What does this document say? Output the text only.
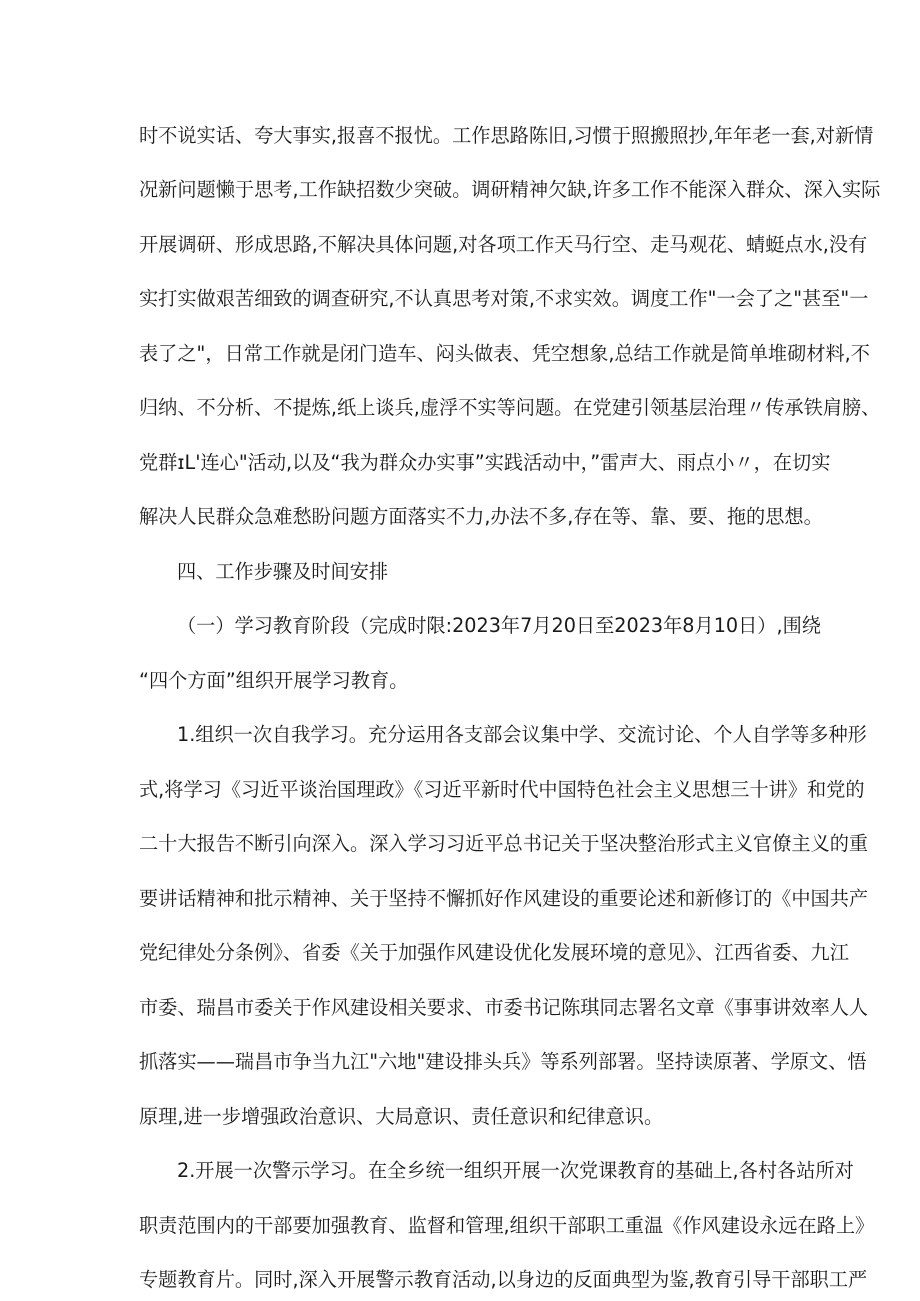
时不说实话、夸大事实,报喜不报忧。工作思路陈旧,习惯于照搬照抄,年年老一套,对新情
况新问题懒于思考,工作缺招数少突破。调研精神欠缺,许多工作不能深入群众、深入实际
开展调研、形成思路,不解决具体问题,对各项工作天马行空、走马观花、蜻蜓点水,没有
实打实做艰苦细致的调查研究,不认真思考对策,不求实效。调度工作"一会了之"甚至"一
表了之"，日常工作就是闭门造车、闷头做表、凭空想象,总结工作就是简单堆砌材料,不
归纳、不分析、不提炼,纸上谈兵,虚浮不实等问题。在党建引领基层治理〃传承铁肩膀、
党群ɪL'连心"活动,以及“我为群众办实事”实践活动中，”雷声大、雨点小〃，在切实
解决人民群众急难愁盼问题方面落实不力,办法不多,存在等、靠、要、拖的思想。
四、工作步骤及时间安排
（一）学习教育阶段（完成时限:2023年7月20日至2023年8月10日）,围绕
“四个方面”组织开展学习教育。
1.组织一次自我学习。充分运用各支部会议集中学、交流讨论、个人自学等多种形
式,将学习《习近平谈治国理政》《习近平新时代中国特色社会主义思想三十讲》和党的
二十大报告不断引向深入。深入学习习近平总书记关于坚决整治形式主义官僚主义的重
要讲话精神和批示精神、关于坚持不懈抓好作风建设的重要论述和新修订的《中国共产
党纪律处分条例》、省委《关于加强作风建设优化发展环境的意见》、江西省委、九江
市委、瑞昌市委关于作风建设相关要求、市委书记陈琪同志署名文章《事事讲效率人人
抓落实——瑞昌市争当九江"六地"建设排头兵》等系列部署。坚持读原著、学原文、悟
原理,进一步增强政治意识、大局意识、责任意识和纪律意识。
2.开展一次警示学习。在全乡统一组织开展一次党课教育的基础上,各村各站所对
职责范围内的干部要加强教育、监督和管理,组织干部职工重温《作风建设永远在路上》
专题教育片。同时,深入开展警示教育活动,以身边的反面典型为鉴,教育引导干部职工严
